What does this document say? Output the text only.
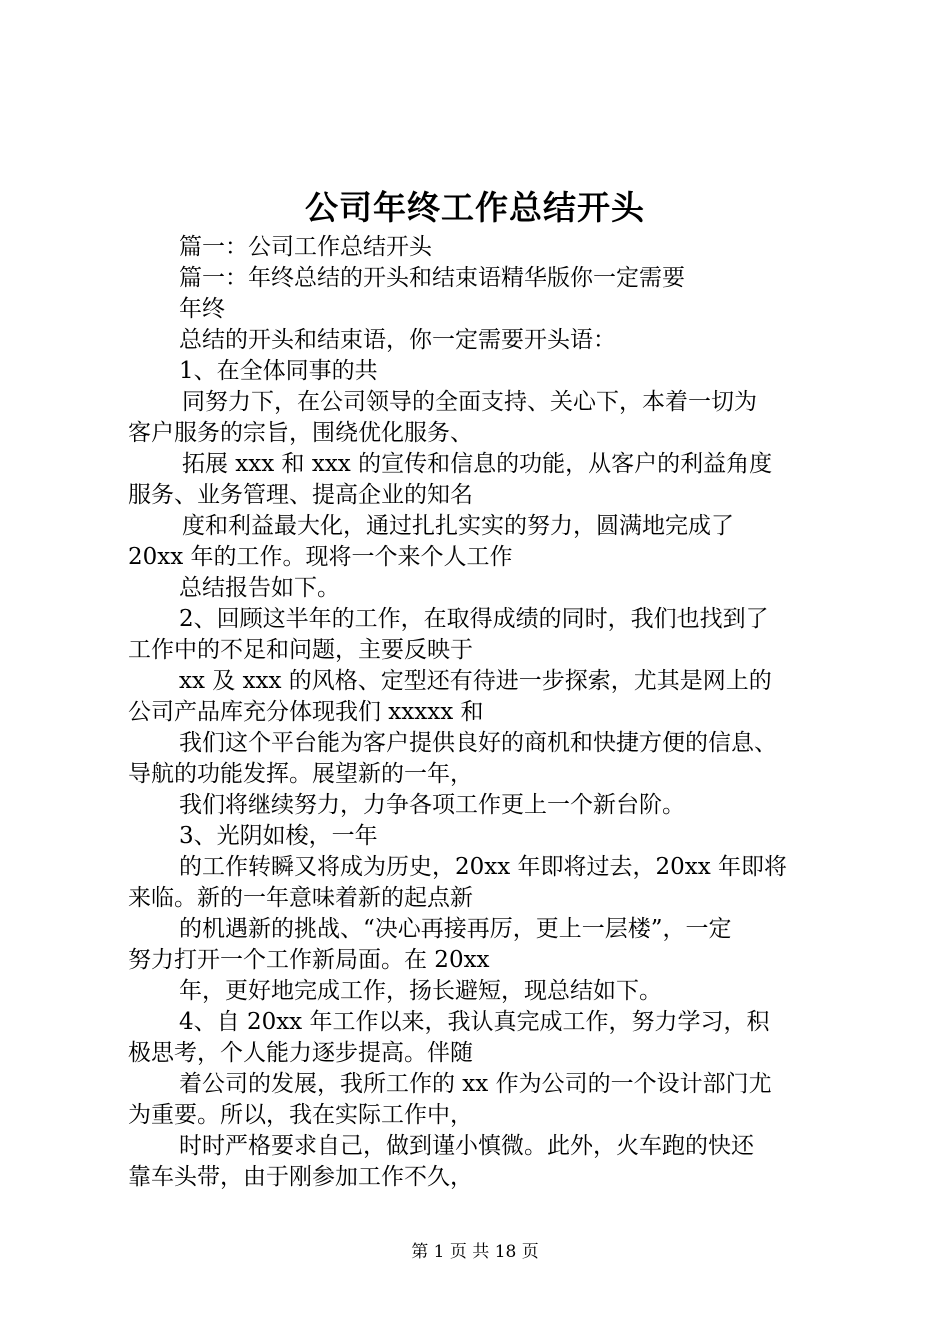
公司年终工作总结开头
篇一：公司工作总结开头
篇一：年终总结的开头和结束语精华版你一定需要
年终
总结的开头和结束语，你一定需要开头语：
1、在全体同事的共
同努力下，在公司领导的全面支持、关心下，本着一切为
客户服务的宗旨，围绕优化服务、
拓展 xxx 和 xxx 的宣传和信息的功能，从客户的利益角度
服务、业务管理、提高企业的知名
度和利益最大化，通过扎扎实实的努力，圆满地完成了
20xx 年的工作。现将一个来个人工作
总结报告如下。
2、回顾这半年的工作，在取得成绩的同时，我们也找到了
工作中的不足和问题，主要反映于
xx 及 xxx 的风格、定型还有待进一步探索，尤其是网上的
公司产品库充分体现我们 xxxxx 和
我们这个平台能为客户提供良好的商机和快捷方便的信息、
导航的功能发挥。展望新的一年，
我们将继续努力，力争各项工作更上一个新台阶。
3、光阴如梭，一年
的工作转瞬又将成为历史，20xx 年即将过去，20xx 年即将
来临。新的一年意味着新的起点新
的机遇新的挑战、“决心再接再厉，更上一层楼”，一定
努力打开一个工作新局面。在 20xx
年，更好地完成工作，扬长避短，现总结如下。
4、自 20xx 年工作以来，我认真完成工作，努力学习，积
极思考，个人能力逐步提高。伴随
着公司的发展，我所工作的 xx 作为公司的一个设计部门尤
为重要。所以，我在实际工作中，
时时严格要求自己，做到谨小慎微。此外，火车跑的快还
靠车头带，由于刚参加工作不久，
第 1 页 共 18 页
